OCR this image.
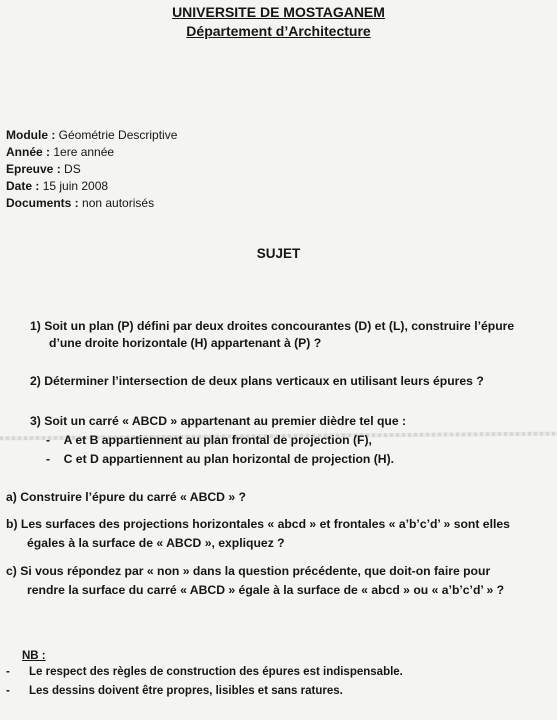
UNIVERSITE DE MOSTAGANEM
Département d’Architecture
Module : Géométrie Descriptive
Année : 1ere année
Epreuve : DS
Date : 15 juin 2008
Documents : non autorisés
SUJET
1) Soit un plan (P) défini par deux droites concourantes (D) et (L), construire l’épure
d’une droite horizontale (H) appartenant à (P) ?
2) Déterminer l’intersection de deux plans verticaux en utilisant leurs épures ?
3) Soit un carré « ABCD » appartenant au premier dièdre tel que :
-    A et B appartiennent au plan frontal de projection (F),
-    C et D appartiennent au plan horizontal de projection (H).
a) Construire l’épure du carré « ABCD » ?
b) Les surfaces des projections horizontales « abcd » et frontales « a’b’c’d’ » sont elles
égales à la surface de « ABCD », expliquez ?
c) Si vous répondez par « non » dans la question précédente, que doit-on faire pour
rendre la surface du carré « ABCD » égale à la surface de « abcd » ou « a’b’c’d’ » ?
NB :
-      Le respect des règles de construction des épures est indispensable.
-      Les dessins doivent être propres, lisibles et sans ratures.
